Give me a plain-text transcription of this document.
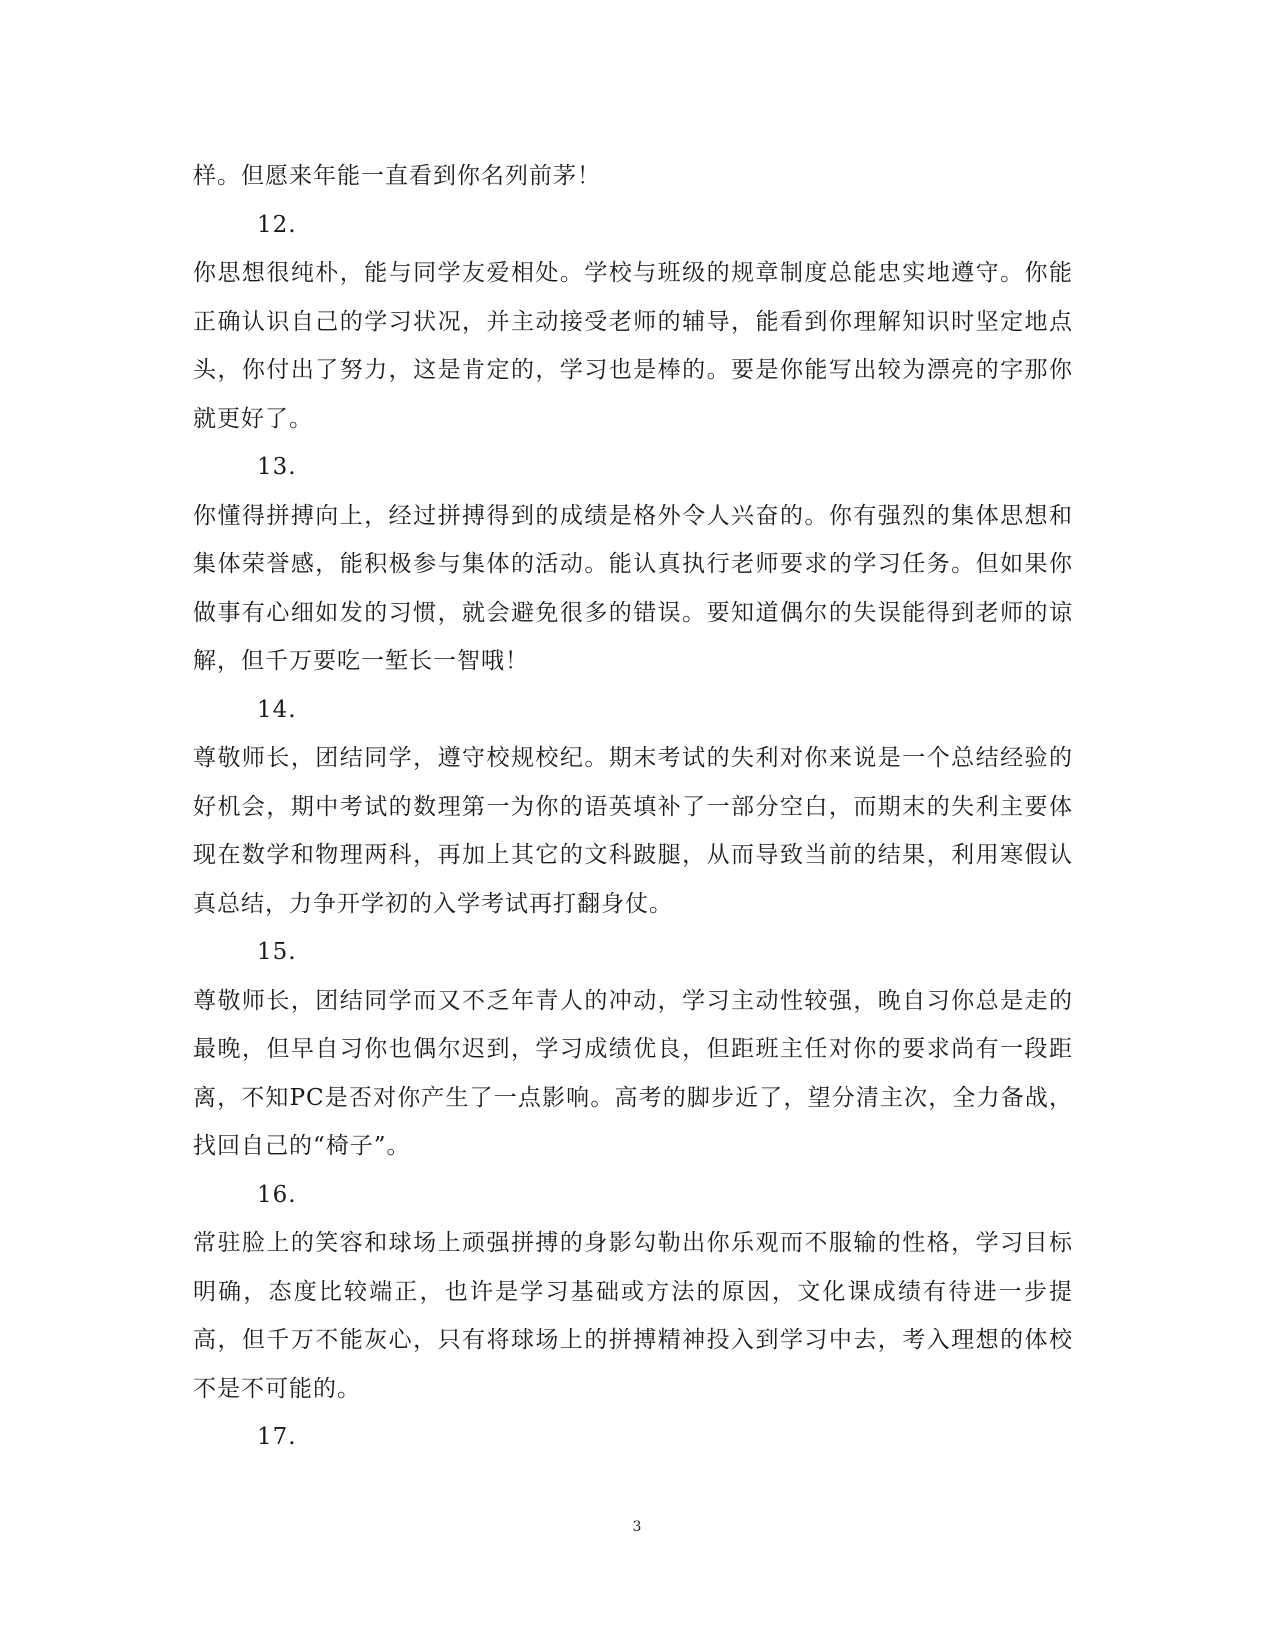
样。但愿来年能一直看到你名列前茅！

12.

你思想很纯朴，能与同学友爱相处。学校与班级的规章制度总能忠实地遵守。你能正确认识自己的学习状况，并主动接受老师的辅导，能看到你理解知识时坚定地点头，你付出了努力，这是肯定的，学习也是棒的。要是你能写出较为漂亮的字那你就更好了。

13.

你懂得拼搏向上，经过拼搏得到的成绩是格外令人兴奋的。你有强烈的集体思想和集体荣誉感，能积极参与集体的活动。能认真执行老师要求的学习任务。但如果你做事有心细如发的习惯，就会避免很多的错误。要知道偶尔的失误能得到老师的谅解，但千万要吃一堑长一智哦！

14.

尊敬师长，团结同学，遵守校规校纪。期末考试的失利对你来说是一个总结经验的好机会，期中考试的数理第一为你的语英填补了一部分空白，而期末的失利主要体现在数学和物理两科，再加上其它的文科跛腿，从而导致当前的结果，利用寒假认真总结，力争开学初的入学考试再打翻身仗。

15.

尊敬师长，团结同学而又不乏年青人的冲动，学习主动性较强，晚自习你总是走的最晚，但早自习你也偶尔迟到，学习成绩优良，但距班主任对你的要求尚有一段距离，不知PC是否对你产生了一点影响。高考的脚步近了，望分清主次，全力备战，找回自己的“椅子”。

16.

常驻脸上的笑容和球场上顽强拼搏的身影勾勒出你乐观而不服输的性格，学习目标明确，态度比较端正，也许是学习基础或方法的原因，文化课成绩有待进一步提高，但千万不能灰心，只有将球场上的拼搏精神投入到学习中去，考入理想的体校不是不可能的。

17.

3
